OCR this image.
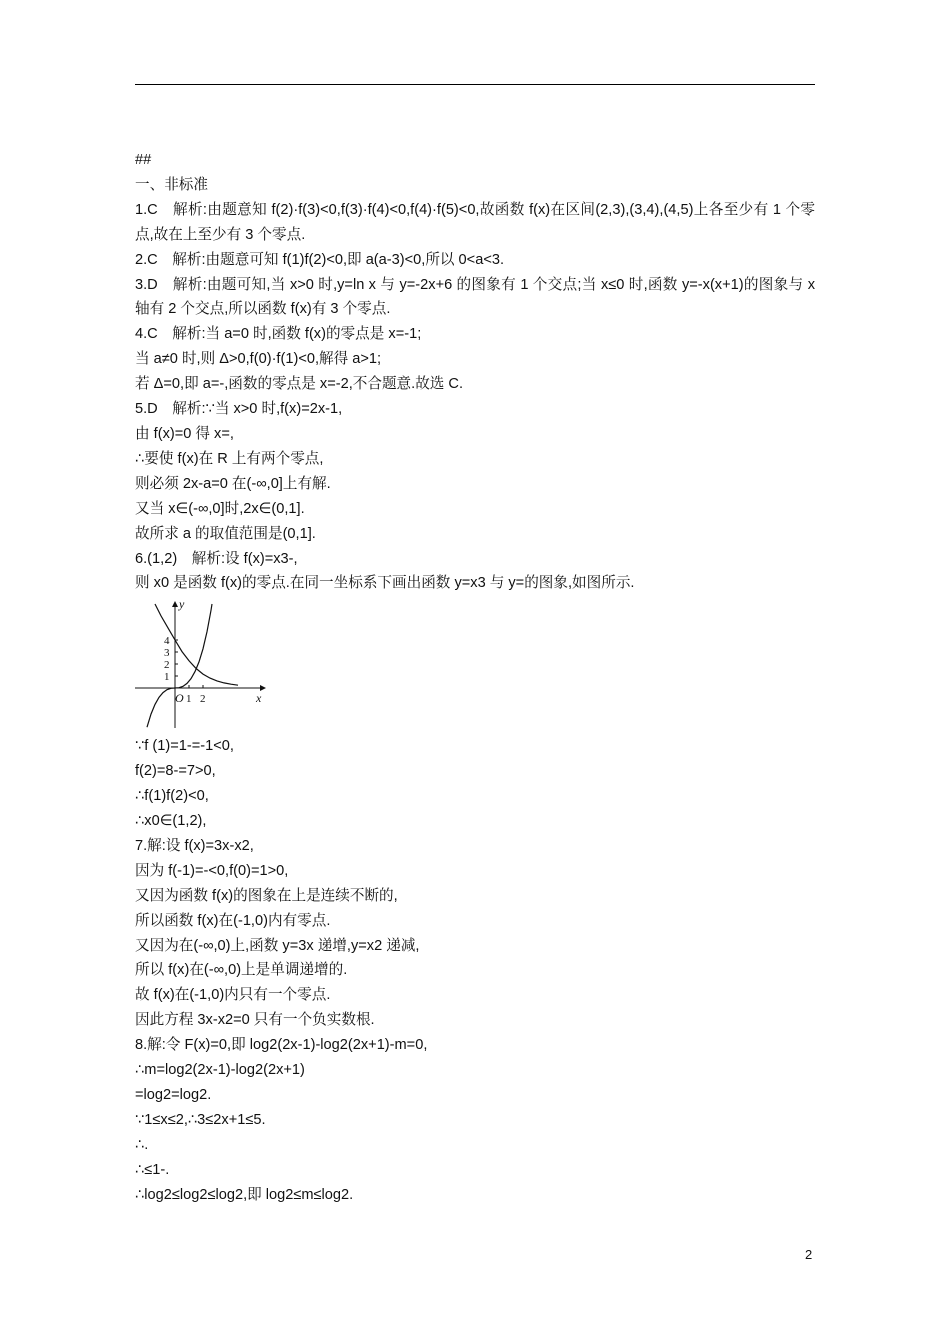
##
一、非标准
1.C　解析:由题意知 f(2)·f(3)<0,f(3)·f(4)<0,f(4)·f(5)<0,故函数 f(x)在区间(2,3),(3,4),(4,5)上各至少有 1 个零点,故在上至少有 3 个零点.
2.C　解析:由题意可知 f(1)f(2)<0,即 a(a-3)<0,所以 0<a<3.
3.D　解析:由题可知,当 x>0 时,y=ln x 与 y=-2x+6 的图象有 1 个交点;当 x≤0 时,函数 y=-x(x+1)的图象与 x 轴有 2 个交点,所以函数 f(x)有 3 个零点.
4.C　解析:当 a=0 时,函数 f(x)的零点是 x=-1;
当 a≠0 时,则 Δ>0,f(0)·f(1)<0,解得 a>1;
若 Δ=0,即 a=-,函数的零点是 x=-2,不合题意.故选 C.
5.D　解析:∵当 x>0 时,f(x)=2x-1,
由 f(x)=0 得 x=,
∴要使 f(x)在 R 上有两个零点,
则必须 2x-a=0 在(-∞,0]上有解.
又当 x∈(-∞,0]时,2x∈(0,1].
故所求 a 的取值范围是(0,1].
6.(1,2)　解析:设 f(x)=x3-,
则 x0 是函数 f(x)的零点.在同一坐标系下画出函数 y=x3 与 y=的图象,如图所示.
y
x
O 1 2
1
2
3
4
∵f (1)=1-=-1<0,
f(2)=8-=7>0,
∴f(1)f(2)<0,
∴x0∈(1,2),
7.解:设 f(x)=3x-x2,
因为 f(-1)=-<0,f(0)=1>0,
又因为函数 f(x)的图象在上是连续不断的,
所以函数 f(x)在(-1,0)内有零点.
又因为在(-∞,0)上,函数 y=3x 递增,y=x2 递减,
所以 f(x)在(-∞,0)上是单调递增的.
故 f(x)在(-1,0)内只有一个零点.
因此方程 3x-x2=0 只有一个负实数根.
8.解:令 F(x)=0,即 log2(2x-1)-log2(2x+1)-m=0,
∴m=log2(2x-1)-log2(2x+1)
=log2=log2.
∵1≤x≤2,∴3≤2x+1≤5.
∴.
∴≤1-.
∴log2≤log2≤log2,即 log2≤m≤log2.
2
